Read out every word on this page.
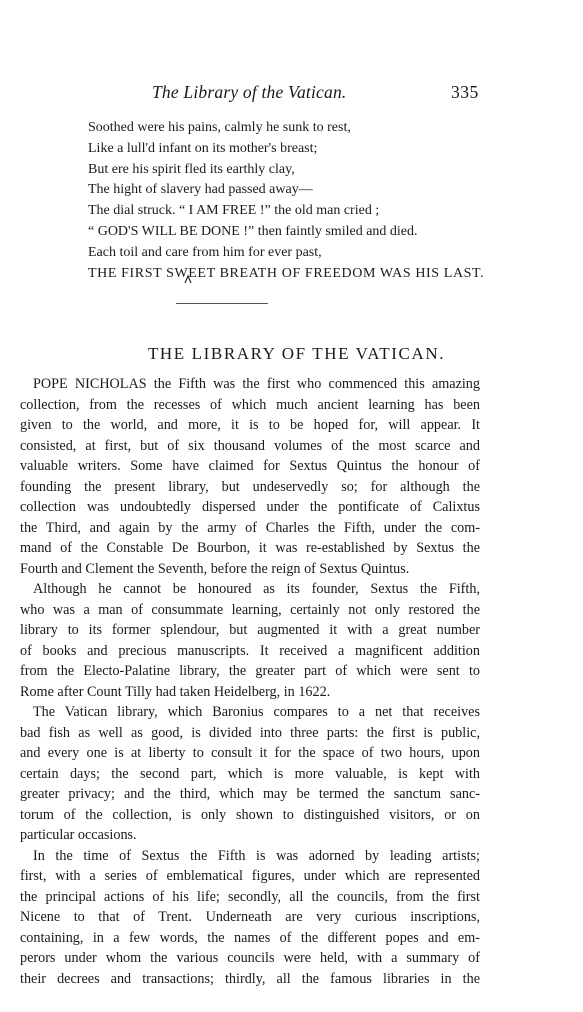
The Library of the Vatican.	335
Soothed were his pains, calmly he sunk to rest,
Like a lull'd infant on its mother's breast;
But ere his spirit fled its earthly clay,
The hight of slavery had passed away—
The dial struck. “ I AM FREE !” the old man cried ;
“ GOD'S WILL BE DONE !” then faintly smiled and died.
Each toil and care from him for ever past,
THE FIRST SWEET BREATH OF FREEDOM WAS HIS LAST.
THE LIBRARY OF THE VATICAN.
POPE NICHOLAS the Fifth was the first who commenced this amazing
collection, from the recesses of which much ancient learning has been
given to the world, and more, it is to be hoped for, will appear. It
consisted, at first, but of six thousand volumes of the most scarce and
valuable writers. Some have claimed for Sextus Quintus the honour of
founding the present library, but undeservedly so; for although the
collection was undoubtedly dispersed under the pontificate of Calixtus
the Third, and again by the army of Charles the Fifth, under the com-
mand of the Constable De Bourbon, it was re-established by Sextus the
Fourth and Clement the Seventh, before the reign of Sextus Quintus.
Although he cannot be honoured as its founder, Sextus the Fifth,
who was a man of consummate learning, certainly not only restored the
library to its former splendour, but augmented it with a great number
of books and precious manuscripts. It received a magnificent addition
from the Electo-Palatine library, the greater part of which were sent to
Rome after Count Tilly had taken Heidelberg, in 1622.
The Vatican library, which Baronius compares to a net that receives
bad fish as well as good, is divided into three parts: the first is public,
and every one is at liberty to consult it for the space of two hours, upon
certain days; the second part, which is more valuable, is kept with
greater privacy; and the third, which may be termed the sanctum sanc-
torum of the collection, is only shown to distinguished visitors, or on
particular occasions.
In the time of Sextus the Fifth is was adorned by leading artists;
first, with a series of emblematical figures, under which are represented
the principal actions of his life; secondly, all the councils, from the first
Nicene to that of Trent. Underneath are very curious inscriptions,
containing, in a few words, the names of the different popes and em-
perors under whom the various councils were held, with a summary of
their decrees and transactions; thirdly, all the famous libraries in the
